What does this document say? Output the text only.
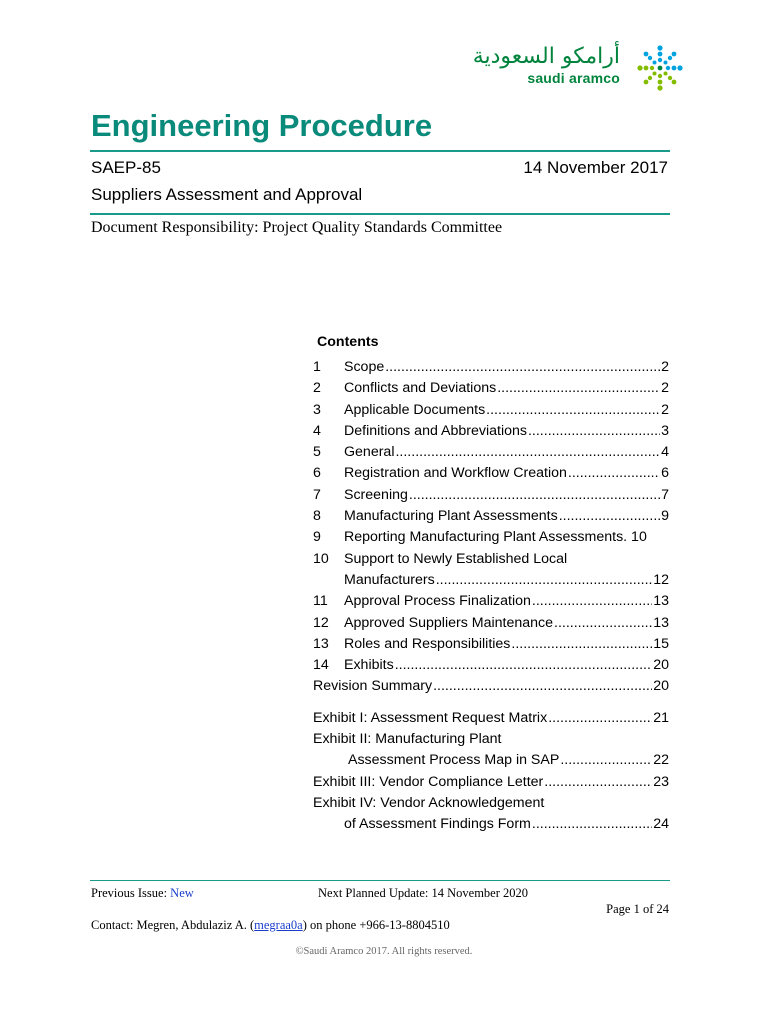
أرامكو السعودية
saudi aramco
Engineering Procedure
SAEP-85	14 November 2017
Suppliers Assessment and Approval
Document Responsibility: Project Quality Standards Committee
Contents
1	Scope .....	2
2	Conflicts and Deviations .....	2
3	Applicable Documents .....	2
4	Definitions and Abbreviations .....	3
5	General .....	4
6	Registration and Workflow Creation .....	6
7	Screening .....	7
8	Manufacturing Plant Assessments .....	9
9	Reporting Manufacturing Plant Assessments . 10
10	Support to Newly Established Local
Manufacturers .....	12
11	Approval Process Finalization .....	13
12	Approved Suppliers Maintenance .....	13
13	Roles and Responsibilities .....	15
14	Exhibits .....	20
Revision Summary .....	20
Exhibit I: Assessment Request Matrix .....	21
Exhibit II: Manufacturing Plant
Assessment Process Map in SAP .....	22
Exhibit III: Vendor Compliance Letter .....	23
Exhibit IV: Vendor Acknowledgement
of Assessment Findings Form .....	24
Previous Issue: New	Next Planned Update: 14 November 2020
Page 1 of 24
Contact: Megren, Abdulaziz A. (megraa0a) on phone +966-13-8804510
©Saudi Aramco 2017. All rights reserved.
